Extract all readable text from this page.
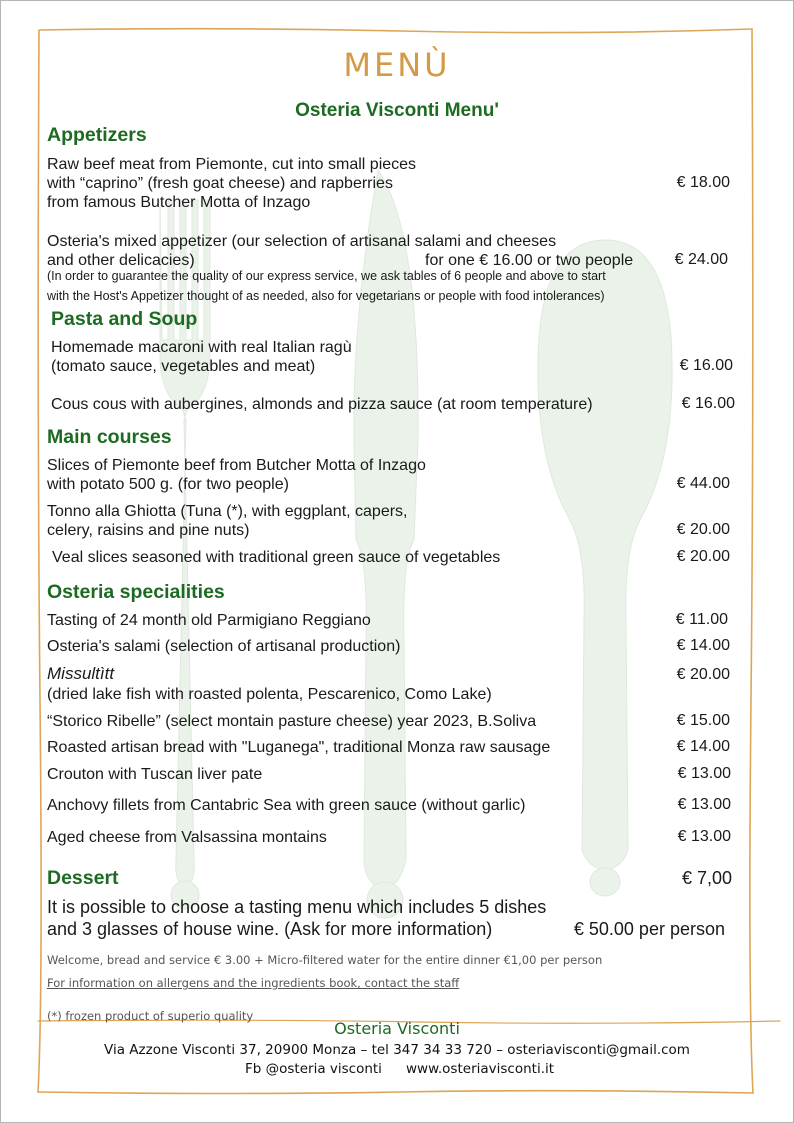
MENÙ
Osteria Visconti Menu'
Appetizers
Raw beef meat from Piemonte, cut into small pieces
with “caprino” (fresh goat cheese) and rapberries
from famous Butcher Motta of Inzago
€ 18.00
Osteria's mixed appetizer (our selection of artisanal salami and cheeses
and other delicacies)	for one € 16.00 or two people	€ 24.00
(In order to guarantee the quality of our express service, we ask tables of 6 people and above to start
with the Host's Appetizer thought of as needed, also for vegetarians or people with food intolerances)
Pasta and Soup
Homemade macaroni with real Italian ragù
(tomato sauce, vegetables and meat)	€ 16.00
Cous cous with aubergines, almonds and pizza sauce (at room temperature)	€ 16.00
Main courses
Slices of Piemonte beef from Butcher Motta of Inzago
with potato 500 g. (for two people)	€ 44.00
Tonno alla Ghiotta (Tuna (*), with eggplant, capers,
celery, raisins and pine nuts)	€ 20.00
Veal slices seasoned with traditional green sauce of vegetables	€ 20.00
Osteria specialities
Tasting of 24 month old Parmigiano Reggiano	€ 11.00
Osteria's salami (selection of artisanal production)	€ 14.00
Missultìtt	€ 20.00
(dried lake fish with roasted polenta, Pescarenico, Como Lake)
“Storico Ribelle” (select montain pasture cheese) year 2023, B.Soliva	€ 15.00
Roasted artisan bread with "Luganega", traditional Monza raw sausage	€ 14.00
Crouton with Tuscan liver pate	€ 13.00
Anchovy fillets from Cantabric Sea with green sauce (without garlic)	€ 13.00
Aged cheese from Valsassina montains	€ 13.00
Dessert	€ 7,00
It is possible to choose a tasting menu which includes 5 dishes
and 3 glasses of house wine. (Ask for more information)	€ 50.00 per person
Welcome, bread and service € 3.00 + Micro-filtered water for the entire dinner €1,00 per person
For information on allergens and the ingredients book, contact the staff
(*) frozen product of superio quality
Osteria Visconti
Via Azzone Visconti 37, 20900 Monza – tel 347 34 33 720 – osteriavisconti@gmail.com
Fb @osteria visconti www.osteriavisconti.it
